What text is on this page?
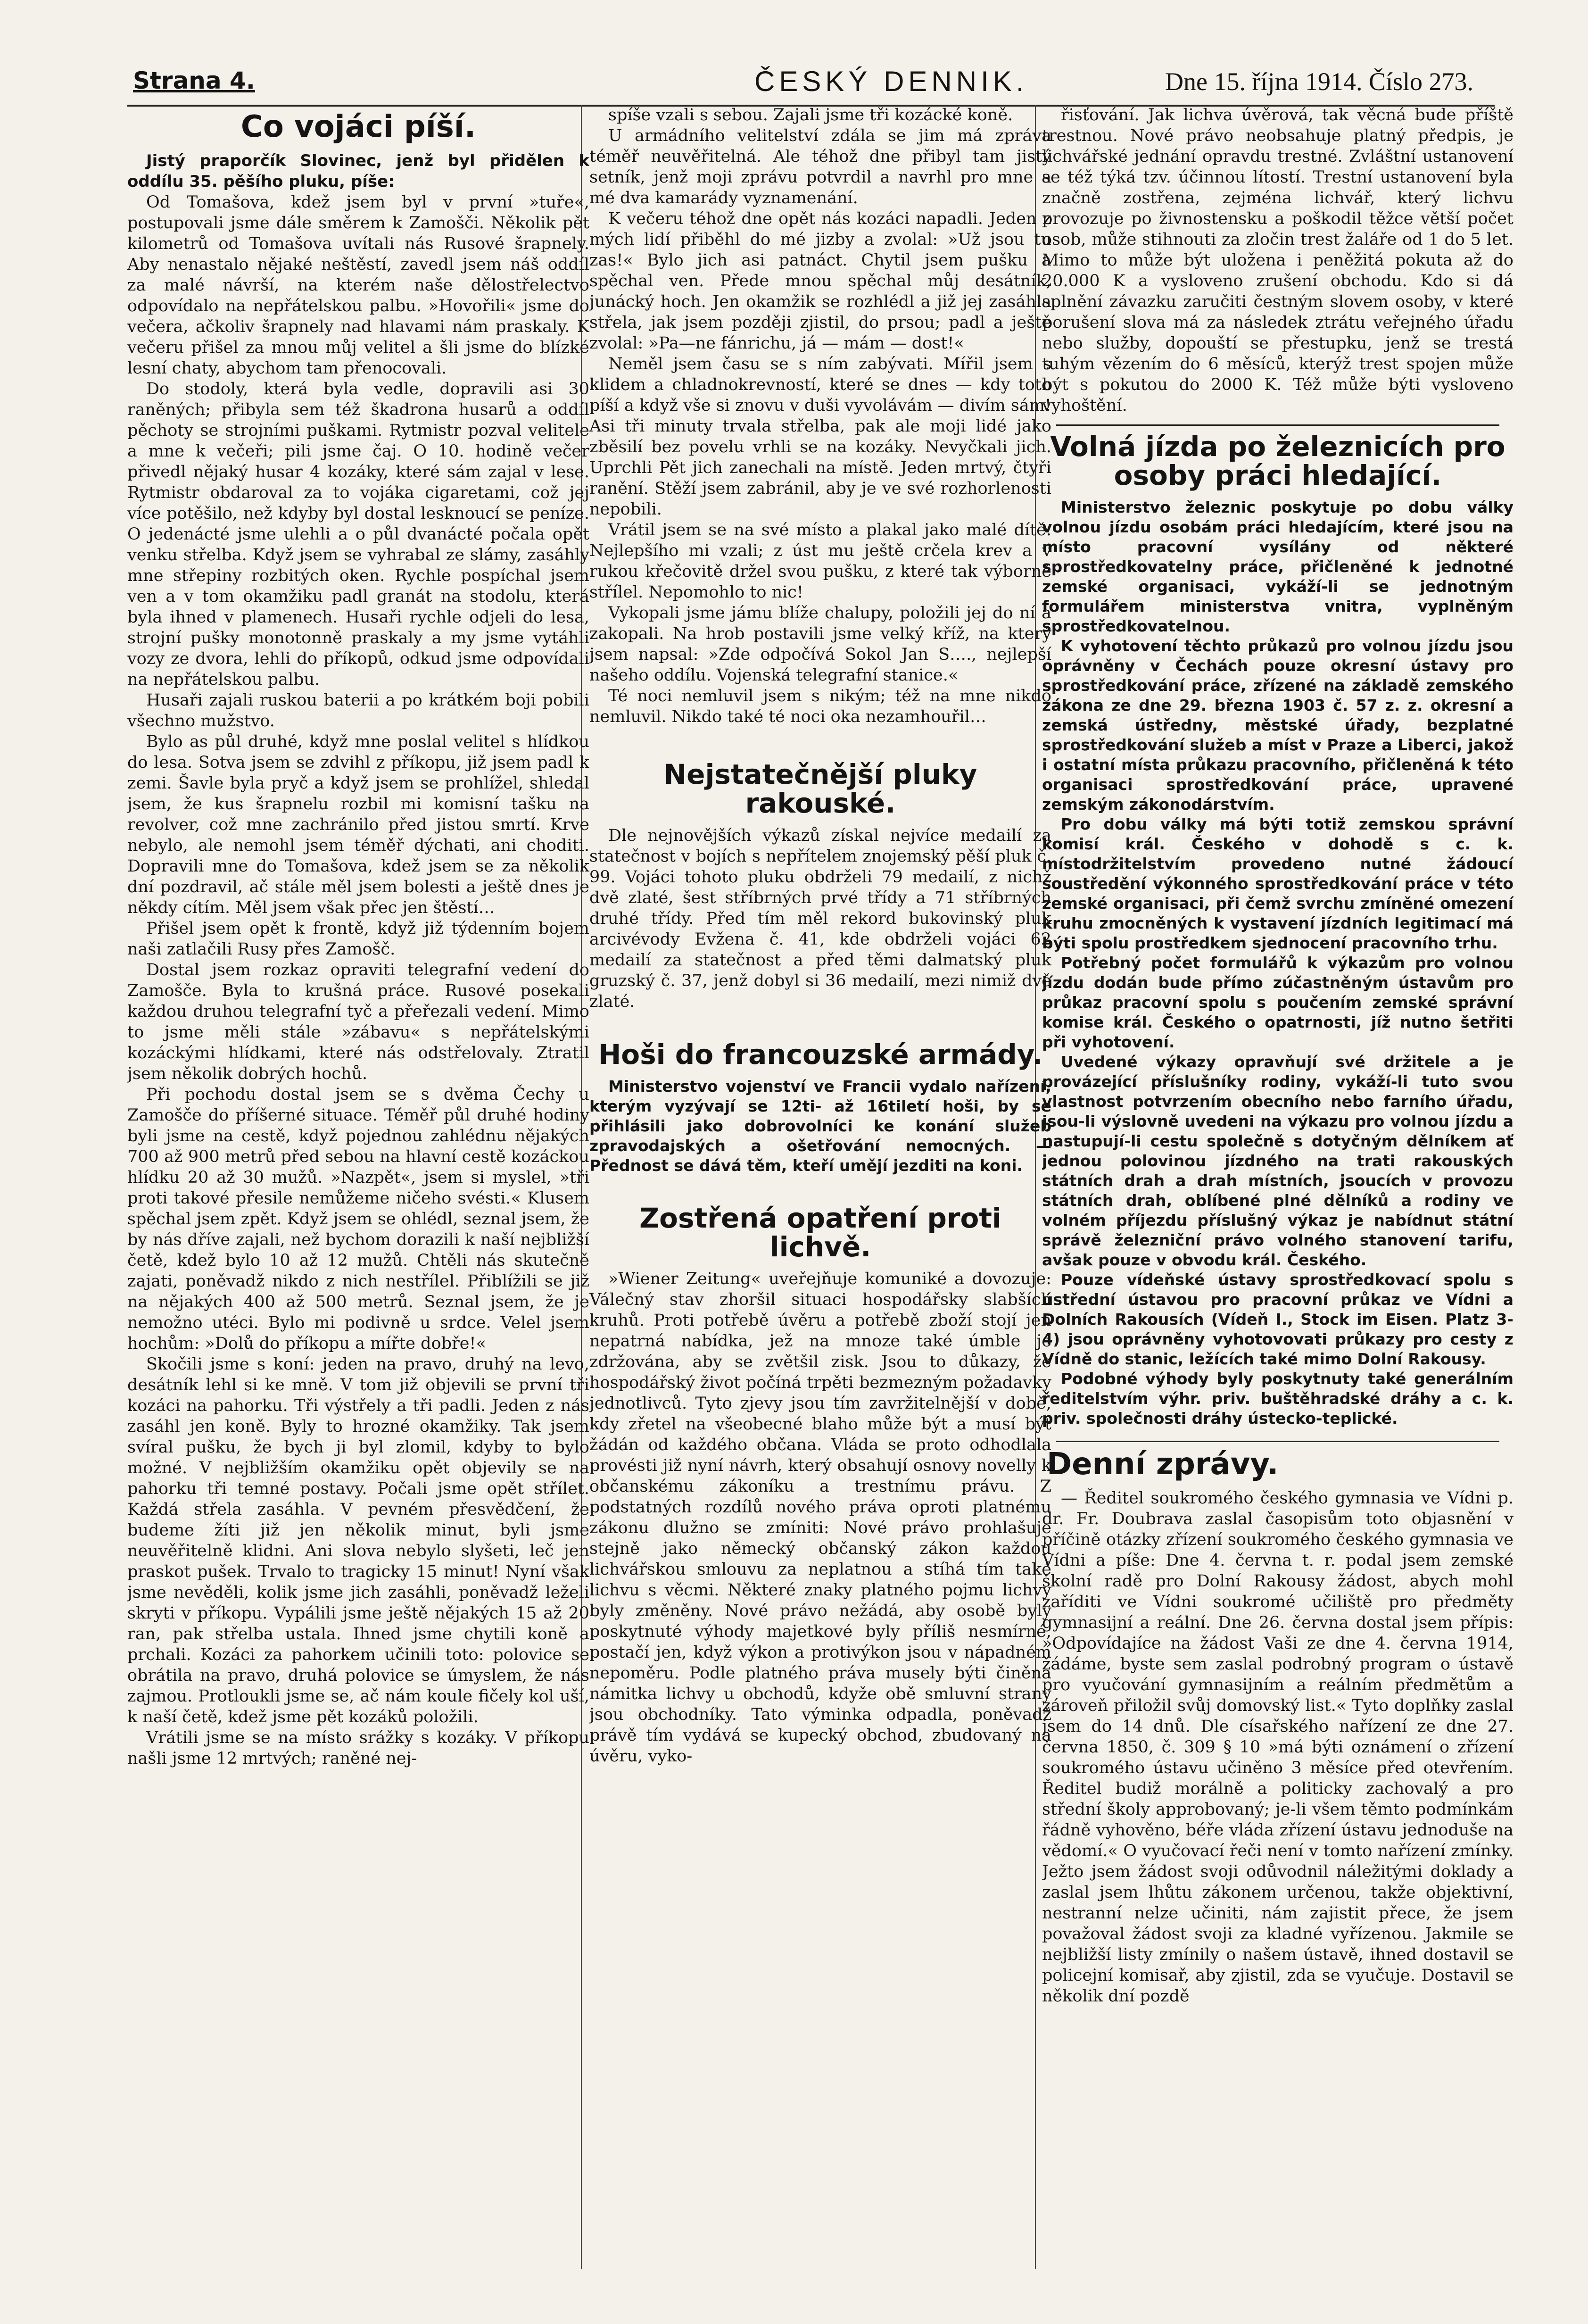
Strana 4.	ČESKÝ DENNIK.	Dne 15. října 1914. Číslo 273.
Co vojáci píší.

Jistý praporčík Slovinec, jenž byl přidělen k oddílu 35. pěšího pluku, píše:

Od Tomašova, kdež jsem byl v první »tuře«, postupovali jsme dále směrem k Zamošči. Několik pět kilometrů od Tomašova uvítali nás Rusové šrapnely. Aby nenastalo nějaké neštěstí, zavedl jsem náš oddíl za malé návrší, na kterém naše dělostřelectvo odpovídalo na nepřátelskou palbu. »Hovořili« jsme do večera, ačkoliv šrapnely nad hlavami nám praskaly. K večeru přišel za mnou můj velitel a šli jsme do blízké lesní chaty, abychom tam přenocovali.

Do stodoly, která byla vedle, dopravili asi 30 raněných; přibyla sem též škadrona husarů a oddíl pěchoty se strojními puškami. Rytmistr pozval velitele a mne k večeři; pili jsme čaj. O 10. hodině večer přivedl nějaký husar 4 kozáky, které sám zajal v lese. Rytmistr obdaroval za to vojáka cigaretami, což jej více potěšilo, než kdyby byl dostal lesknoucí se peníze. O jedenácté jsme ulehli a o půl dvanácté počala opět venku střelba. Když jsem se vyhrabal ze slámy, zasáhly mne střepiny rozbitých oken. Rychle pospíchal jsem ven a v tom okamžiku padl granát na stodolu, která byla ihned v plamenech. Husaři rychle odjeli do lesa, strojní pušky monotonně praskaly a my jsme vytáhli vozy ze dvora, lehli do příkopů, odkud jsme odpovídali na nepřátelskou palbu.

Husaři zajali ruskou baterii a po krátkém boji pobili všechno mužstvo.

Bylo as půl druhé, když mne poslal velitel s hlídkou do lesa. Sotva jsem se zdvihl z příkopu, již jsem padl k zemi. Šavle byla pryč a když jsem se prohlížel, shledal jsem, že kus šrapnelu rozbil mi komisní tašku na revolver, což mne zachránilo před jistou smrtí. Krve nebylo, ale nemohl jsem téměř dýchati, ani choditi. Dopravili mne do Tomašova, kdež jsem se za několik dní pozdravil, ač stále měl jsem bolesti a ještě dnes je někdy cítím. Měl jsem však přec jen štěstí…

Přišel jsem opět k frontě, když již týdenním bojem naši zatlačili Rusy přes Zamošč.

Dostal jsem rozkaz opraviti telegrafní vedení do Zamošče. Byla to krušná práce. Rusové posekali každou druhou telegrafní tyč a přeřezali vedení. Mimo to jsme měli stále »zábavu« s nepřátelskými kozáckými hlídkami, které nás odstřelovaly. Ztratil jsem několik dobrých hochů.

Při pochodu dostal jsem se s dvěma Čechy u Zamošče do příšerné situace. Téměř půl druhé hodiny byli jsme na cestě, když pojednou zahlédnu nějakých 700 až 900 metrů před sebou na hlavní cestě kozáckou hlídku 20 až 30 mužů. »Nazpět«, jsem si myslel, »tři proti takové přesile nemůžeme ničeho svésti.« Klusem spěchal jsem zpět. Když jsem se ohlédl, seznal jsem, že by nás dříve zajali, než bychom dorazili k naší nejbližší četě, kdež bylo 10 až 12 mužů. Chtěli nás skutečně zajati, poněvadž nikdo z nich nestřílel. Přiblížili se již na nějakých 400 až 500 metrů. Seznal jsem, že je nemožno utéci. Bylo mi podivně u srdce. Velel jsem hochům: »Dolů do příkopu a mířte dobře!«

Skočili jsme s koní: jeden na pravo, druhý na levo, desátník lehl si ke mně. V tom již objevili se první tři kozáci na pahorku. Tři výstřely a tři padli. Jeden z nás zasáhl jen koně. Byly to hrozné okamžiky. Tak jsem svíral pušku, že bych ji byl zlomil, kdyby to bylo možné. V nejbližším okamžiku opět objevily se na pahorku tři temné postavy. Počali jsme opět střílet. Každá střela zasáhla. V pevném přesvědčení, že budeme žíti již jen několik minut, byli jsme neuvěřitelně klidni. Ani slova nebylo slyšeti, leč jen praskot pušek. Trvalo to tragicky 15 minut! Nyní však jsme nevěděli, kolik jsme jich zasáhli, poněvadž leželi skryti v příkopu. Vypálili jsme ještě nějakých 15 až 20 ran, pak střelba ustala. Ihned jsme chytili koně a prchali. Kozáci za pahorkem učinili toto: polovice se obrátila na pravo, druhá polovice se úmyslem, že nás zajmou. Protloukli jsme se, ač nám koule fičely kol uší, k naší četě, kdež jsme pět kozáků položili.

Vrátili jsme se na místo srážky s kozáky. V příkopu našli jsme 12 mrtvých; raněné nej-

spíše vzali s sebou. Zajali jsme tři kozácké koně.

U armádního velitelství zdála se jim má zpráva téměř neuvěřitelná. Ale téhož dne přibyl tam jistý setník, jenž moji zprávu potvrdil a navrhl pro mne a mé dva kamarády vyznamenání.

K večeru téhož dne opět nás kozáci napadli. Jeden z mých lidí přiběhl do mé jizby a zvolal: »Už jsou tu zas!« Bylo jich asi patnáct. Chytil jsem pušku a spěchal ven. Přede mnou spěchal můj desátník, junácký hoch. Jen okamžik se rozhlédl a již jej zasáhla střela, jak jsem později zjistil, do prsou; padl a ještě zvolal: »Pa—ne fánrichu, já — mám — dost!«

Neměl jsem času se s ním zabývati. Mířil jsem s klidem a chladnokrevností, které se dnes — kdy toto píší a když vše si znovu v duši vyvolávám — divím sám! Asi tři minuty trvala střelba, pak ale moji lidé jako zběsilí bez povelu vrhli se na kozáky. Nevyčkali jich. Uprchli Pět jich zanechali na místě. Jeden mrtvý, čtyři ranění. Stěží jsem zabránil, aby je ve své rozhorlenosti nepobili.

Vrátil jsem se na své místo a plakal jako malé dítě. Nejlepšího mi vzali; z úst mu ještě crčela krev a v rukou křečovitě držel svou pušku, z které tak výborně střílel. Nepomohlo to nic!

Vykopali jsme jámu blíže chalupy, položili jej do ní a zakopali. Na hrob postavili jsme velký kříž, na který jsem napsal: »Zde odpočívá Sokol Jan S…., nejlepší našeho oddílu. Vojenská telegrafní stanice.«

Té noci nemluvil jsem s nikým; též na mne nikdo nemluvil. Nikdo také té noci oka nezamhouřil…

Nejstatečnější pluky rakouské.

Dle nejnovějších výkazů získal nejvíce medailí za statečnost v bojích s nepřítelem znojemský pěší pluk č. 99. Vojáci tohoto pluku obdrželi 79 medailí, z nichž dvě zlaté, šest stříbrných prvé třídy a 71 stříbrných druhé třídy. Před tím měl rekord bukovinský pluk arcivévody Evžena č. 41, kde obdrželi vojáci 62 medailí za statečnost a před těmi dalmatský pluk gruzský č. 37, jenž dobyl si 36 medailí, mezi nimiž dvě zlaté.

Hoši do francouzské armády.

Ministerstvo vojenství ve Francii vydalo nařízení, kterým vyzývají se 12ti- až 16tiletí hoši, by se přihlásili jako dobrovolníci ke konání služeb zpravodajských a ošetřování nemocných. — Přednost se dává těm, kteří umějí jezditi na koni.

Zostřená opatření proti lichvě.

»Wiener Zeitung« uveřejňuje komuniké a dovozuje: Válečný stav zhoršil situaci hospodářsky slabších kruhů. Proti potřebě úvěru a potřebě zboží stojí jen nepatrná nabídka, jež na mnoze také úmble je zdržována, aby se zvětšil zisk. Jsou to důkazy, že hospodářský život počíná trpěti bezmezným požadavky jednotlivců. Tyto zjevy jsou tím zavržitelnější v době, kdy zřetel na všeobecné blaho může být a musí být žádán od každého občana. Vláda se proto odhodlala provésti již nyní návrh, který obsahují osnovy novelly k občanskému zákoníku a trestnímu právu. Z podstatných rozdílů nového práva oproti platnému zákonu dlužno se zmíniti: Nové právo prohlašuje stejně jako německý občanský zákon každou lichvářskou smlouvu za neplatnou a stíhá tím také lichvu s věcmi. Některé znaky platného pojmu lichvy byly změněny. Nové právo nežádá, aby osobě byly poskytnuté výhody majetkové byly příliš nesmírné, postačí jen, když výkon a protivýkon jsou v nápadném nepoměru. Podle platného práva musely býti činěna námitka lichvy u obchodů, kdyže obě smluvní strany jsou obchodníky. Tato výminka odpadla, poněvadž právě tím vydává se kupecký obchod, zbudovaný na úvěru, vyko-

řisťování. Jak lichva úvěrová, tak věcná bude příště trestnou. Nové právo neobsahuje platný předpis, je lichvářské jednání opravdu trestné. Zvláštní ustanovení se též týká tzv. účinnou lítostí. Trestní ustanovení byla značně zostřena, zejména lichvář, který lichvu provozuje po živnostensku a poškodil těžce větší počet osob, může stihnouti za zločin trest žaláře od 1 do 5 let. Mimo to může být uložena i peněžitá pokuta až do 20.000 K a vysloveno zrušení obchodu. Kdo si dá splnění závazku zaručiti čestným slovem osoby, v které porušení slova má za následek ztrátu veřejného úřadu nebo služby, dopouští se přestupku, jenž se trestá tuhým vězením do 6 měsíců, kterýž trest spojen může být s pokutou do 2000 K. Též může býti vysloveno vyhoštění.

Volná jízda po železnicích pro osoby práci hledající.

Ministerstvo železnic poskytuje po dobu války volnou jízdu osobám práci hledajícím, které jsou na místo pracovní vysílány od některé sprostředkovatelny práce, přičleněné k jednotné zemské organisaci, vykáží-li se jednotným formulářem ministerstva vnitra, vyplněným sprostředkovatelnou.

K vyhotovení těchto průkazů pro volnou jízdu jsou oprávněny v Čechách pouze okresní ústavy pro sprostředkování práce, zřízené na základě zemského zákona ze dne 29. března 1903 č. 57 z. z. okresní a zemská ústředny, městské úřady, bezplatné sprostředkování služeb a míst v Praze a Liberci, jakož i ostatní místa průkazu pracovního, přičleněná k této organisaci sprostředkování práce, upravené zemským zákonodárstvím.

Pro dobu války má býti totiž zemskou správní komisí král. Českého v dohodě s c. k. místodržitelstvím provedeno nutné žádoucí soustředění výkonného sprostředkování práce v této zemské organisaci, při čemž svrchu zmíněné omezení kruhu zmocněných k vystavení jízdních legitimací má býti spolu prostředkem sjednocení pracovního trhu.

Potřebný počet formulářů k výkazům pro volnou jízdu dodán bude přímo zúčastněným ústavům pro průkaz pracovní spolu s poučením zemské správní komise král. Českého o opatrnosti, jíž nutno šetřiti při vyhotovení.

Uvedené výkazy opravňují své držitele a je provázející příslušníky rodiny, vykáží-li tuto svou vlastnost potvrzením obecního nebo farního úřadu, jsou-li výslovně uvedeni na výkazu pro volnou jízdu a nastupují-li cestu společně s dotyčným dělníkem ať jednou polovinou jízdného na trati rakouských státních drah a drah místních, jsoucích v provozu státních drah, oblíbené plné dělníků a rodiny ve volném příjezdu příslušný výkaz je nabídnut státní správě železniční právo volného stanovení tarifu, avšak pouze v obvodu král. Českého.

Pouze vídeňské ústavy sprostředkovací spolu s ústřední ústavou pro pracovní průkaz ve Vídni a Dolních Rakousích (Vídeň I., Stock im Eisen. Platz 3-4) jsou oprávněny vyhotovovati průkazy pro cesty z Vídně do stanic, ležících také mimo Dolní Rakousy.

Podobné výhody byly poskytnuty také generálním ředitelstvím výhr. priv. buštěhradské dráhy a c. k. priv. společnosti dráhy ústecko-teplické.

Denní zprávy.

— Ředitel soukromého českého gymnasia ve Vídni p. dr. Fr. Doubrava zaslal časopisům toto objasnění v příčině otázky zřízení soukromého českého gymnasia ve Vídni a píše: Dne 4. června t. r. podal jsem zemské školní radě pro Dolní Rakousy žádost, abych mohl zaříditi ve Vídni soukromé učiliště pro předměty gymnasijní a reální. Dne 26. června dostal jsem přípis: »Odpovídajíce na žádost Vaši ze dne 4. června 1914, žádáme, byste sem zaslal podrobný program o ústavě pro vyučování gymnasijním a reálním předmětům a zároveň přiložil svůj domovský list.« Tyto doplňky zaslal jsem do 14 dnů. Dle císařského nařízení ze dne 27. června 1850, č. 309 § 10 »má býti oznámení o zřízení soukromého ústavu učiněno 3 měsíce před otevřením. Ředitel budiž morálně a politicky zachovalý a pro střední školy approbovaný; je-li všem těmto podmínkám řádně vyhověno, béře vláda zřízení ústavu jednoduše na vědomí.« O vyučovací řeči není v tomto nařízení zmínky. Ježto jsem žádost svoji odůvodnil náležitými doklady a zaslal jsem lhůtu zákonem určenou, takže objektivní, nestranní nelze učiniti, nám zajistit přece, že jsem považoval žádost svoji za kladné vyřízenou. Jakmile se nejbližší listy zmínily o našem ústavě, ihned dostavil se policejní komisař, aby zjistil, zda se vyučuje. Dostavil se několik dní pozdě
